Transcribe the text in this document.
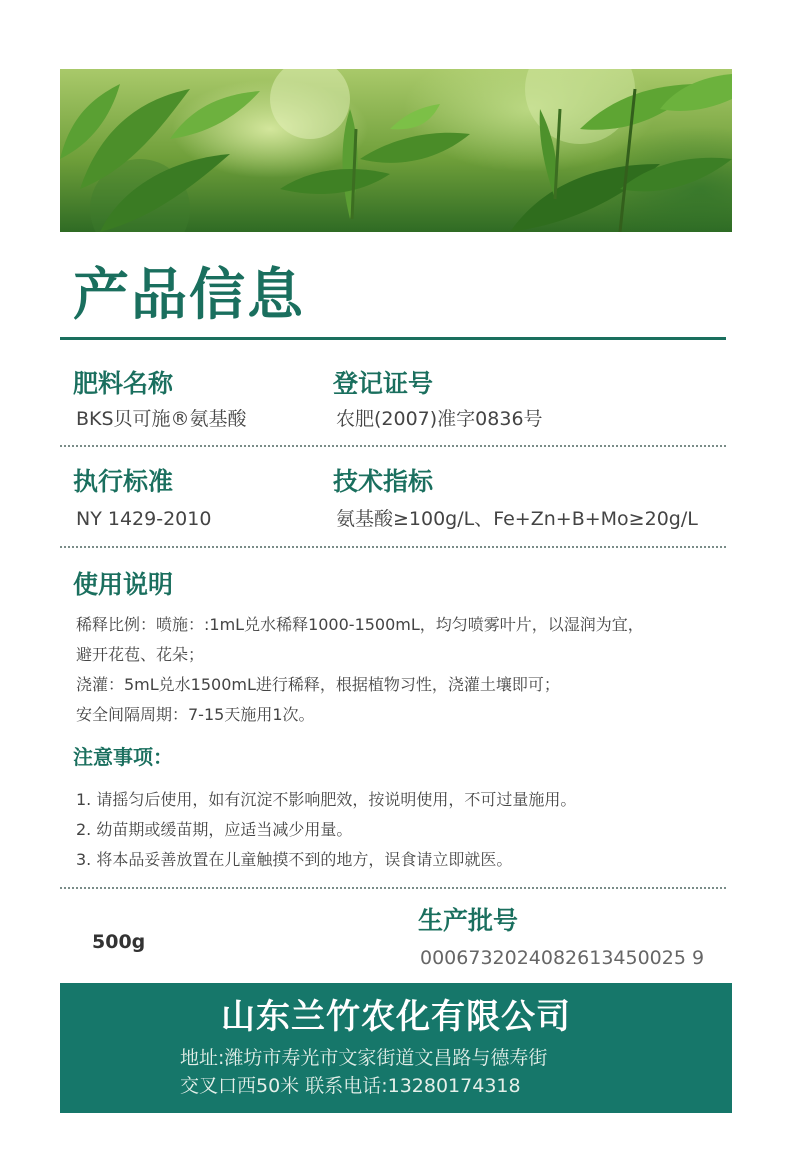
产品信息
肥料名称
BKS贝可施®氨基酸
登记证号
农肥(2007)准字0836号
执行标准
NY 1429-2010
技术指标
氨基酸≥100g/L、Fe+Zn+B+Mo≥20g/L
使用说明
稀释比例：喷施：:1mL兑水稀释1000-1500mL，均匀喷雾叶片，以湿润为宜，
避开花苞、花朵；
浇灌：5mL兑水1500mL进行稀释，根据植物习性，浇灌土壤即可；
安全间隔周期：7-15天施用1次。
注意事项：
1. 请摇匀后使用，如有沉淀不影响肥效，按说明使用，不可过量施用。
2. 幼苗期或缓苗期，应适当减少用量。
3. 将本品妥善放置在儿童触摸不到的地方，误食请立即就医。
500g
生产批号
0006732024082613450025 9
山东兰竹农化有限公司
地址:潍坊市寿光市文家街道文昌路与德寿街
交叉口西50米 联系电话:13280174318
